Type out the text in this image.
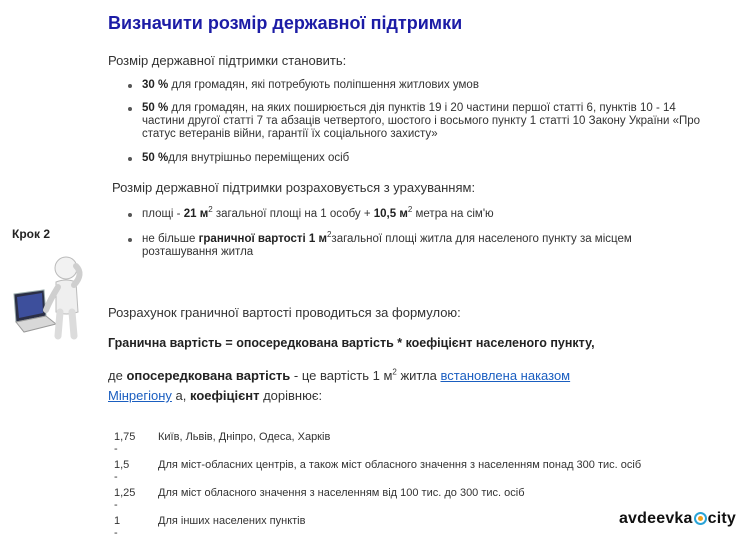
Визначити розмір державної підтримки

Розмір державної підтримки становить:

30 % для громадян, які потребують поліпшення житлових умов
50 % для громадян, на яких поширюється дія пунктів 19 і 20 частини першої статті 6, пунктів 10 - 14 частини другої статті 7 та абзаців четвертого, шостого і восьмого пункту 1 статті 10 Закону України «Про статус ветеранів війни, гарантії їх соціального захисту»
50 %для внутрішньо переміщених осіб

Розмір державної підтримки розраховується з урахуванням:

площі - 21 $м^2$ загальної площі на 1 особу + 10,5 $м^2$ метра на сім'ю
не більше граничної вартості 1 $м^2загальної$ площі житла для населеного пункту за місцем розташування житла
Крок 2

Розрахунок граничної вартості проводиться за формулою:

Гранична вартість = опосередкована вартість * коефіцієнт населеного пункту,

де опосередкована вартість - це вартість 1 $м^2$ житла встановлена наказом
Мінрегіону а, коефіцієнт дорівнює:

1,75 -
Київ, Львів, Дніпро, Одеса, Харків
1,5 -
Для міст-обласних центрів, а також міст обласного значення з населенням понад 300 тис. осіб
1,25 -
Для міст обласного значення з населенням від 100 тис. до 300 тис. осіб
1 -
Для інших населених пунктів	avdeevka city
